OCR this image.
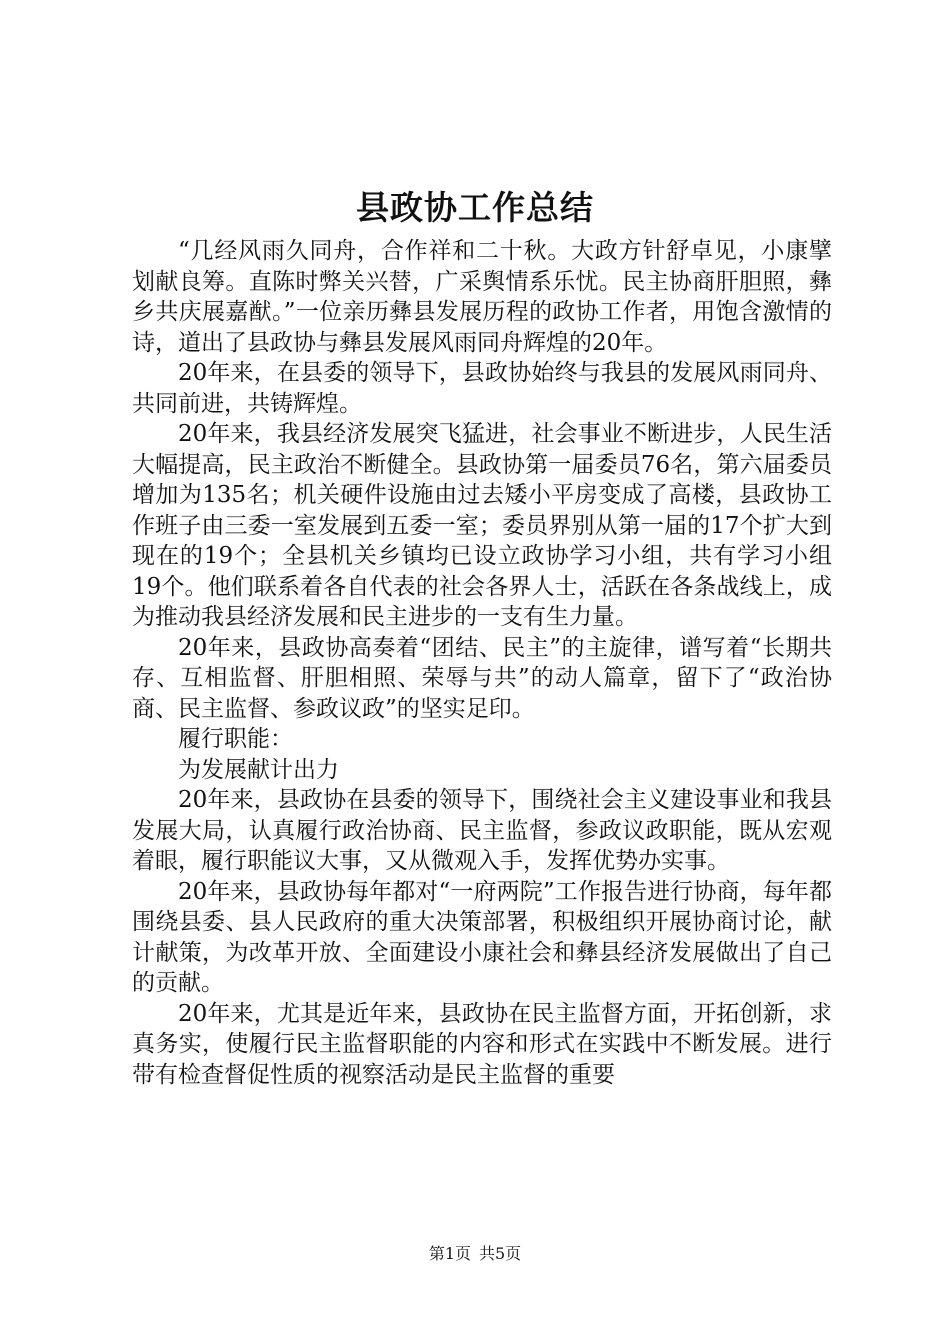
县政协工作总结

“几经风雨久同舟，合作祥和二十秋。大政方针舒卓见，小康擘划献良筹。直陈时弊关兴替，广采舆情系乐忧。民主协商肝胆照，彝乡共庆展嘉猷。”一位亲历彝县发展历程的政协工作者，用饱含激情的诗，道出了县政协与彝县发展风雨同舟辉煌的20年。

20年来，在县委的领导下，县政协始终与我县的发展风雨同舟、共同前进，共铸辉煌。

20年来，我县经济发展突飞猛进，社会事业不断进步，人民生活大幅提高，民主政治不断健全。县政协第一届委员76名，第六届委员增加为135名；机关硬件设施由过去矮小平房变成了高楼，县政协工作班子由三委一室发展到五委一室；委员界别从第一届的17个扩大到现在的19个；全县机关乡镇均已设立政协学习小组，共有学习小组19个。他们联系着各自代表的社会各界人士，活跃在各条战线上，成为推动我县经济发展和民主进步的一支有生力量。

20年来，县政协高奏着“团结、民主”的主旋律，谱写着“长期共存、互相监督、肝胆相照、荣辱与共”的动人篇章，留下了“政治协商、民主监督、参政议政”的坚实足印。

履行职能：

为发展献计出力

20年来，县政协在县委的领导下，围绕社会主义建设事业和我县发展大局，认真履行政治协商、民主监督，参政议政职能，既从宏观着眼，履行职能议大事，又从微观入手，发挥优势办实事。

20年来，县政协每年都对“一府两院”工作报告进行协商，每年都围绕县委、县人民政府的重大决策部署，积极组织开展协商讨论，献计献策，为改革开放、全面建设小康社会和彝县经济发展做出了自己的贡献。

20年来，尤其是近年来，县政协在民主监督方面，开拓创新，求真务实，使履行民主监督职能的内容和形式在实践中不断发展。进行带有检查督促性质的视察活动是民主监督的重要

第1页 共5页
